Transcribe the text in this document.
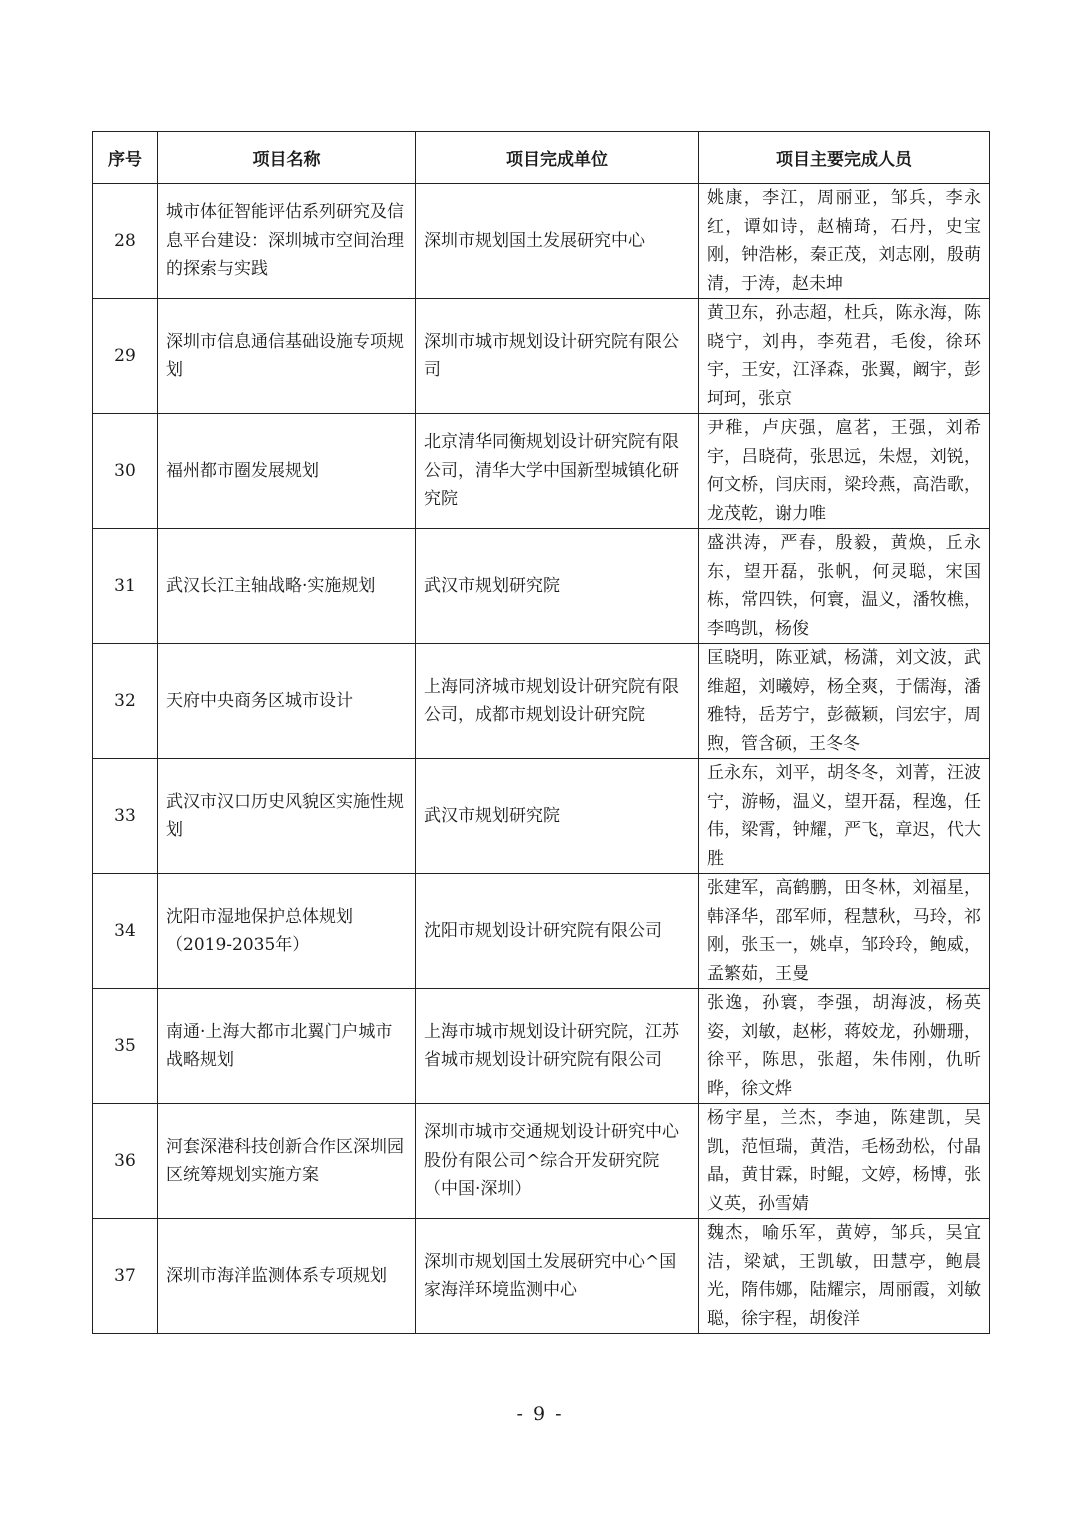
序号	项目名称	项目完成单位	项目主要完成人员
28	城市体征智能评估系列研究及信息平台建设：深圳城市空间治理的探索与实践	深圳市规划国土发展研究中心	姚康，李江，周丽亚，邹兵，李永红，谭如诗，赵楠琦，石丹，史宝刚，钟浩彬，秦正茂，刘志刚，殷萌清，于涛，赵未坤
29	深圳市信息通信基础设施专项规划	深圳市城市规划设计研究院有限公司	黄卫东，孙志超，杜兵，陈永海，陈晓宁，刘冉，李苑君，毛俊，徐环宇，王安，江泽森，张翼，阚宇，彭坷珂，张京
30	福州都市圈发展规划	北京清华同衡规划设计研究院有限公司，清华大学中国新型城镇化研究院	尹稚，卢庆强，扈茗，王强，刘希宇，吕晓荷，张思远，朱煜，刘锐，何文桥，闫庆雨，梁玲燕，高浩歌，龙茂乾，谢力唯
31	武汉长江主轴战略·实施规划	武汉市规划研究院	盛洪涛，严春，殷毅，黄焕，丘永东，望开磊，张帆，何灵聪，宋国栋，常四铁，何寰，温义，潘牧樵，李鸣凯，杨俊
32	天府中央商务区城市设计	上海同济城市规划设计研究院有限公司，成都市规划设计研究院	匡晓明，陈亚斌，杨潇，刘文波，武维超，刘曦婷，杨全爽，于儒海，潘雅特，岳芳宁，彭薇颖，闫宏宇，周煦，管含硕，王冬冬
33	武汉市汉口历史风貌区实施性规划	武汉市规划研究院	丘永东，刘平，胡冬冬，刘菁，汪波宁，游畅，温义，望开磊，程逸，任伟，梁霄，钟耀，严飞，章迟，代大胜
34	沈阳市湿地保护总体规划（2019-2035年）	沈阳市规划设计研究院有限公司	张建军，高鹤鹏，田冬林，刘福星，韩泽华，邵军师，程慧秋，马玲，祁刚，张玉一，姚卓，邹玲玲，鲍威，孟繁茹，王曼
35	南通·上海大都市北翼门户城市战略规划	上海市城市规划设计研究院，江苏省城市规划设计研究院有限公司	张逸，孙寰，李强，胡海波，杨英姿，刘敏，赵彬，蒋姣龙，孙姗珊，徐平，陈思，张超，朱伟刚，仇昕晔，徐文烨
36	河套深港科技创新合作区深圳园区统筹规划实施方案	深圳市城市交通规划设计研究中心股份有限公司^综合开发研究院（中国·深圳）	杨宇星，兰杰，李迪，陈建凯，吴凯，范恒瑞，黄浩，毛杨劲松，付晶晶，黄甘霖，时鲲，文婷，杨博，张义英，孙雪婧
37	深圳市海洋监测体系专项规划	深圳市规划国土发展研究中心^国家海洋环境监测中心	魏杰，喻乐军，黄婷，邹兵，吴宜洁，梁斌，王凯敏，田慧亭，鲍晨光，隋伟娜，陆耀宗，周丽霞，刘敏聪，徐宇程，胡俊洋
- 9 -
